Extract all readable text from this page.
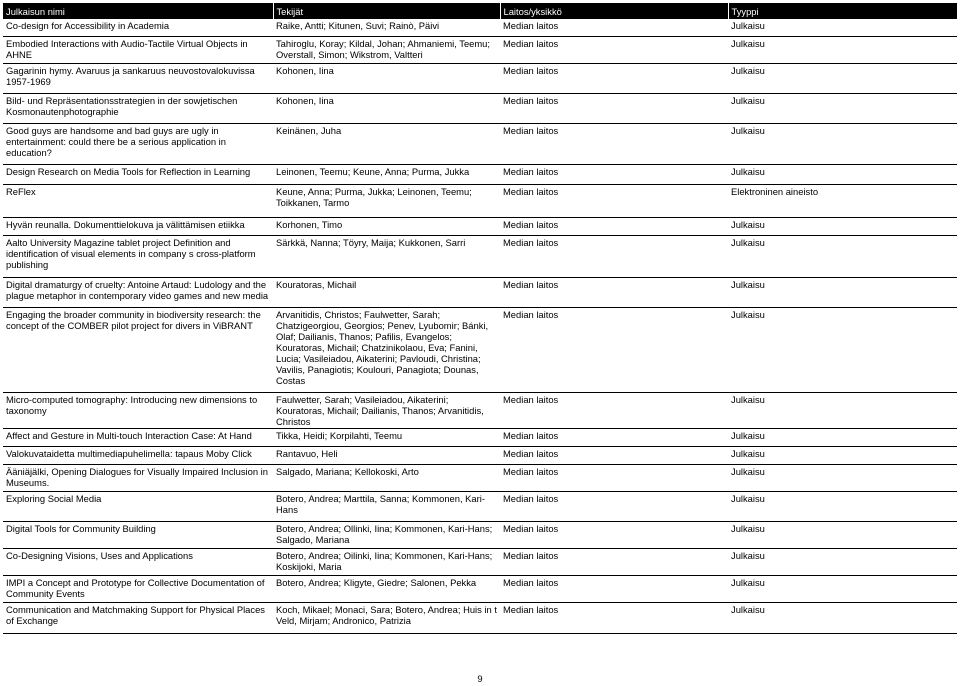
Julkaisun nimi	Tekijät	Laitos/yksikkö	Tyyppi
Co-design for Accessibility in Academia	Raike, Antti; Kitunen, Suvi; Rainò, Päivi	Median laitos	Julkaisu
Embodied Interactions with Audio-Tactile Virtual Objects in AHNE	Tahiroglu, Koray; Kildal, Johan; Ahmaniemi, Teemu; Overstall, Simon; Wikstrom, Valtteri	Median laitos	Julkaisu
Gagarinin hymy. Avaruus ja sankaruus neuvostovalokuvissa 1957-1969	Kohonen, Iina	Median laitos	Julkaisu
Bild- und Repräsentationsstrategien in der sowjetischen Kosmonautenphotographie	Kohonen, Iina	Median laitos	Julkaisu
Good guys are handsome and bad guys are ugly in entertainment: could there be a serious application in education?	Keinänen, Juha	Median laitos	Julkaisu
Design Research on Media Tools for Reflection in Learning	Leinonen, Teemu; Keune, Anna; Purma, Jukka	Median laitos	Julkaisu
ReFlex	Keune, Anna; Purma, Jukka; Leinonen, Teemu; Toikkanen, Tarmo	Median laitos	Elektroninen aineisto
Hyvän reunalla. Dokumenttielokuva ja välittämisen etiikka	Korhonen, Timo	Median laitos	Julkaisu
Aalto University Magazine tablet project Definition and identification of visual elements in company s cross-platform publishing	Särkkä, Nanna; Töyry, Maija; Kukkonen, Sarri	Median laitos	Julkaisu
Digital dramaturgy of cruelty: Antoine Artaud: Ludology and the plague metaphor in contemporary video games and new media	Kouratoras, Michail	Median laitos	Julkaisu
Engaging the broader community in biodiversity research: the concept of the COMBER pilot project for divers in ViBRANT	Arvanitidis, Christos; Faulwetter, Sarah; Chatzigeorgiou, Georgios; Penev, Lyubomir; Bánki, Olaf; Dailianis, Thanos; Pafilis, Evangelos; Kouratoras, Michail; Chatzinikolaou, Eva; Fanini, Lucia; Vasileiadou, Aikaterini; Pavloudi, Christina; Vavilis, Panagiotis; Koulouri, Panagiota; Dounas, Costas	Median laitos	Julkaisu
Micro-computed tomography: Introducing new dimensions to taxonomy	Faulwetter, Sarah; Vasileiadou, Aikaterini; Kouratoras, Michail; Dailianis, Thanos; Arvanitidis, Christos	Median laitos	Julkaisu
Affect and Gesture in Multi-touch Interaction Case: At Hand	Tikka, Heidi; Korpilahti, Teemu	Median laitos	Julkaisu
Valokuvataidetta multimediapuhelimella: tapaus Moby Click	Rantavuo, Heli	Median laitos	Julkaisu
Ääniäjälki, Opening Dialogues for Visually Impaired Inclusion in Museums.	Salgado, Mariana; Kellokoski, Arto	Median laitos	Julkaisu
Exploring Social Media	Botero, Andrea; Marttila, Sanna; Kommonen, Kari-Hans	Median laitos	Julkaisu
Digital Tools for Community Building	Botero, Andrea; Ollinki, Iina; Kommonen, Kari-Hans; Salgado, Mariana	Median laitos	Julkaisu
Co-Designing Visions, Uses and Applications	Botero, Andrea; Oilinki, Iina; Kommonen, Kari-Hans; Koskijoki, Maria	Median laitos	Julkaisu
IMPI a Concept and Prototype for Collective Documentation of Community Events	Botero, Andrea; Kligyte, Giedre; Salonen, Pekka	Median laitos	Julkaisu
Communication and Matchmaking Support for Physical Places of Exchange	Koch, Mikael; Monaci, Sara; Botero, Andrea; Huis in t Veld, Mirjam; Andronico, Patrizia	Median laitos	Julkaisu
9
